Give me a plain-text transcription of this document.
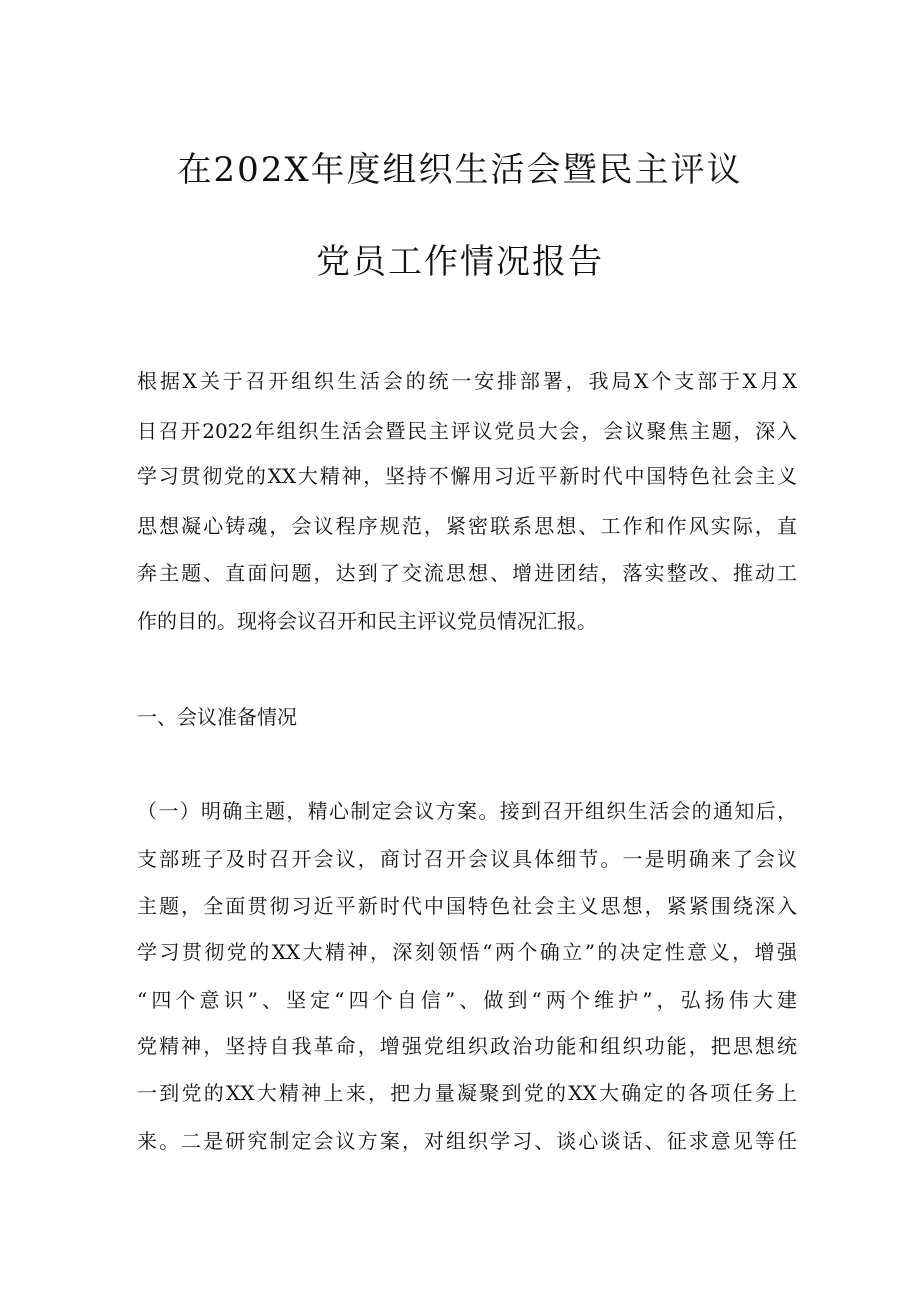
在202X年度组织生活会暨民主评议
党员工作情况报告
根据X关于召开组织生活会的统一安排部署，我局X个支部于X月X
日召开2022年组织生活会暨民主评议党员大会，会议聚焦主题，深入
学习贯彻党的XX大精神，坚持不懈用习近平新时代中国特色社会主义
思想凝心铸魂，会议程序规范，紧密联系思想、工作和作风实际，直
奔主题、直面问题，达到了交流思想、增进团结，落实整改、推动工
作的目的。现将会议召开和民主评议党员情况汇报。
一、会议准备情况
（一）明确主题，精心制定会议方案。接到召开组织生活会的通知后，
支部班子及时召开会议，商讨召开会议具体细节。一是明确来了会议
主题，全面贯彻习近平新时代中国特色社会主义思想，紧紧围绕深入
学习贯彻党的XX大精神，深刻领悟“两个确立”的决定性意义，增强
“四个意识”、坚定“四个自信”、做到“两个维护”，弘扬伟大建
党精神，坚持自我革命，增强党组织政治功能和组织功能，把思想统
一到党的XX大精神上来，把力量凝聚到党的XX大确定的各项任务上
来。二是研究制定会议方案，对组织学习、谈心谈话、征求意见等任
